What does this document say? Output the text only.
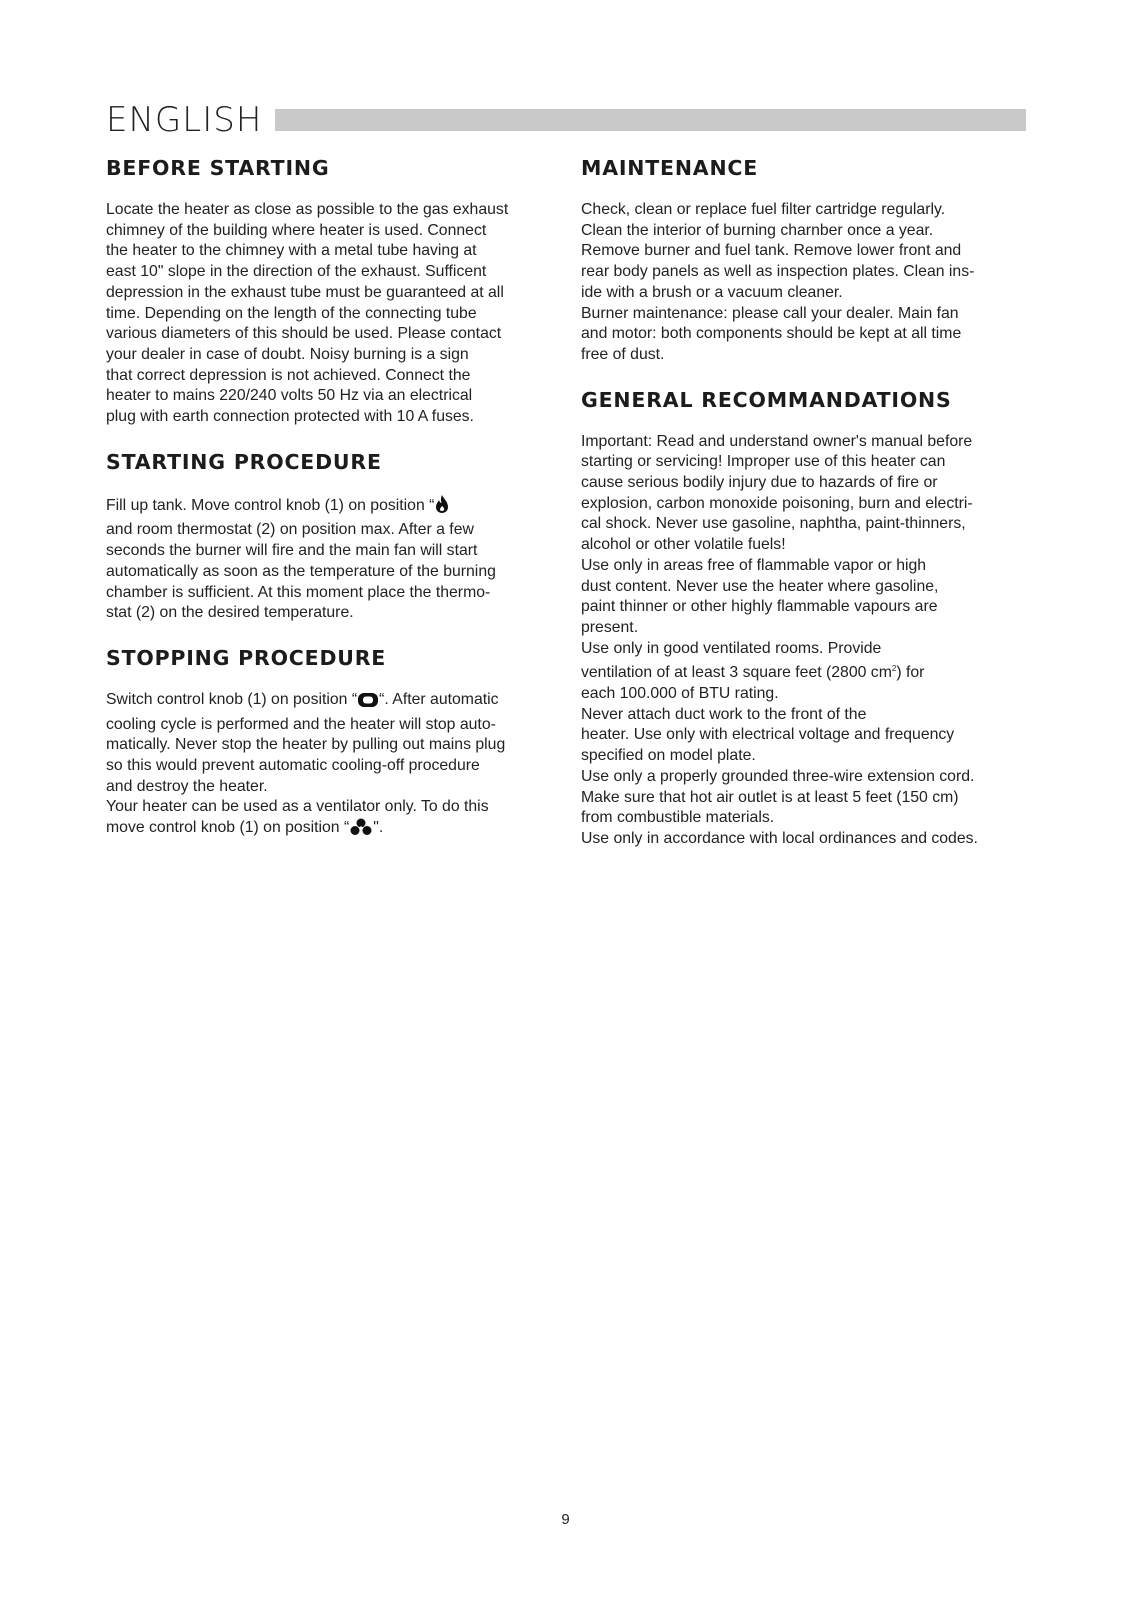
ENGLISH
BEFORE STARTING

Locate the heater as close as possible to the gas exhaust

chimney of the building where heater is used. Connect

the heater to the chimney with a metal tube having at

east 10" slope in the direction of the exhaust. Sufficent

depression in the exhaust tube must be guaranteed at all

time. Depending on the length of the connecting tube

various diameters of this should be used. Please contact

your dealer in case of doubt. Noisy burning is a sign

that correct depression is not achieved. Connect the

heater to mains 220/240 volts 50 Hz via an electrical

plug with earth connection protected with 10 A fuses.

STARTING PROCEDURE

Fill up tank. Move control knob (1) on position “

and room thermostat (2) on position max. After a few

seconds the burner will fire and the main fan will start

automatically as soon as the temperature of the burning

chamber is sufficient. At this moment place the thermo-

stat (2) on the desired temperature.

STOPPING PROCEDURE

Switch control knob (1) on position “ “. After automatic

cooling cycle is performed and the heater will stop auto-

matically. Never stop the heater by pulling out mains plug

so this would prevent automatic cooling-off procedure

and destroy the heater.

Your heater can be used as a ventilator only. To do this

move control knob (1) on position “ ".

MAINTENANCE

Check, clean or replace fuel filter cartridge regularly.

Clean the interior of burning charnber once a year.

Remove burner and fuel tank. Remove lower front and

rear body panels as well as inspection plates. Clean ins-

ide with a brush or a vacuum cleaner.

Burner maintenance: please call your dealer. Main fan

and motor: both components should be kept at all time

free of dust.

GENERAL RECOMMANDATIONS

Important: Read and understand owner's manual before

starting or servicing! Improper use of this heater can

cause serious bodily injury due to hazards of fire or

explosion, carbon monoxide poisoning, burn and electri-

cal shock. Never use gasoline, naphtha, paint-thinners,

alcohol or other volatile fuels!

Use only in areas free of flammable vapor or high

dust content. Never use the heater where gasoline,

paint thinner or other highly flammable vapours are

present.

Use only in good ventilated rooms. Provide

ventilation of at least 3 square feet (2800 $cm^2$) for

each 100.000 of BTU rating.

Never attach duct work to the front of the

heater. Use only with electrical voltage and frequency

specified on model plate.

Use only a properly grounded three-wire extension cord.

Make sure that hot air outlet is at least 5 feet (150 cm)

from combustible materials.

Use only in accordance with local ordinances and codes.

9
